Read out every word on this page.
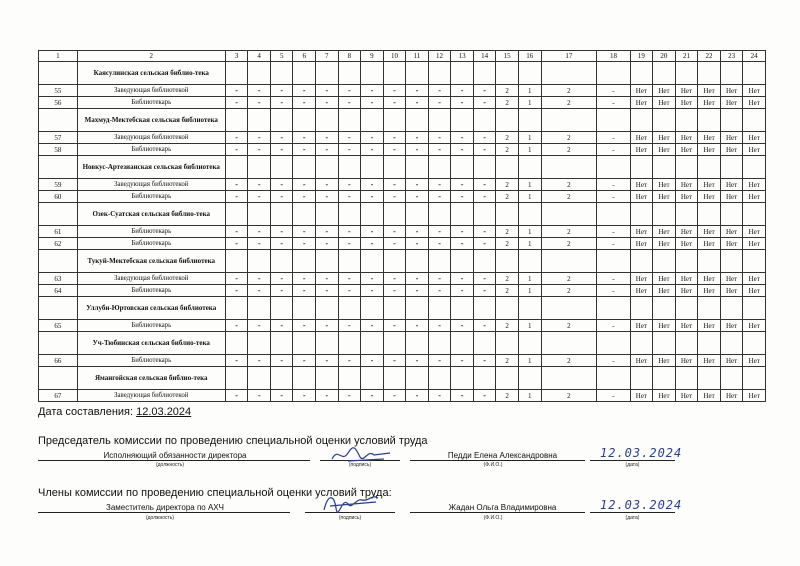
1	2	3	4	5	6	7	8	9	10	11	12	13	14	15	16	17	18	19	20	21	22	23	24
	Каясулинская сельская библио-тека																						
55	Заведующая библиотекой	-	-	-	-	-	-	-	-	-	-	-	-	2	1	2	-	Нет	Нет	Нет	Нет	Нет	Нет
56	Библиотекарь	-	-	-	-	-	-	-	-	-	-	-	-	2	1	2	-	Нет	Нет	Нет	Нет	Нет	Нет
	Махмуд-Мектебская сельская библиотека																						
57	Заведующая библиотекой	-	-	-	-	-	-	-	-	-	-	-	-	2	1	2	-	Нет	Нет	Нет	Нет	Нет	Нет
58	Библиотекарь	-	-	-	-	-	-	-	-	-	-	-	-	2	1	2	-	Нет	Нет	Нет	Нет	Нет	Нет
	Новкус-Артезианская сельская библиотека																						
59	Заведующая библиотекой	-	-	-	-	-	-	-	-	-	-	-	-	2	1	2	-	Нет	Нет	Нет	Нет	Нет	Нет
60	Библиотекарь	-	-	-	-	-	-	-	-	-	-	-	-	2	1	2	-	Нет	Нет	Нет	Нет	Нет	Нет
	Озек-Суатская сельская библио-тека																						
61	Библиотекарь	-	-	-	-	-	-	-	-	-	-	-	-	2	1	2	-	Нет	Нет	Нет	Нет	Нет	Нет
62	Библиотекарь	-	-	-	-	-	-	-	-	-	-	-	-	2	1	2	-	Нет	Нет	Нет	Нет	Нет	Нет
	Тукуй-Мектебская сельская библиотека																						
63	Заведующая библиотекой	-	-	-	-	-	-	-	-	-	-	-	-	2	1	2	-	Нет	Нет	Нет	Нет	Нет	Нет
64	Библиотекарь	-	-	-	-	-	-	-	-	-	-	-	-	2	1	2	-	Нет	Нет	Нет	Нет	Нет	Нет
	Уллуби-Юртовская сельская библиотека																						
65	Библиотекарь	-	-	-	-	-	-	-	-	-	-	-	-	2	1	2	-	Нет	Нет	Нет	Нет	Нет	Нет
	Уч-Тюбинская сельская библио-тека																						
66	Библиотекарь	-	-	-	-	-	-	-	-	-	-	-	-	2	1	2	-	Нет	Нет	Нет	Нет	Нет	Нет
	Ямангойская сельская библио-тека																						
67	Заведующая библиотекой	-	-	-	-	-	-	-	-	-	-	-	-	2	1	2	-	Нет	Нет	Нет	Нет	Нет	Нет
Дата составления: 12.03.2024
Председатель комиссии по проведению специальной оценки условий труда
Исполняющий обязанности директора	Педди Елена Александровна
(должность)	(подпись)	(Ф.И.О.)	(дата)
12.03.2024
Члены комиссии по проведению специальной оценки условий труда:
Заместитель директора по АХЧ	Жадан Ольга Владимировна
(должность)	(подпись)	(Ф.И.О.)	(дата)
12.03.2024
